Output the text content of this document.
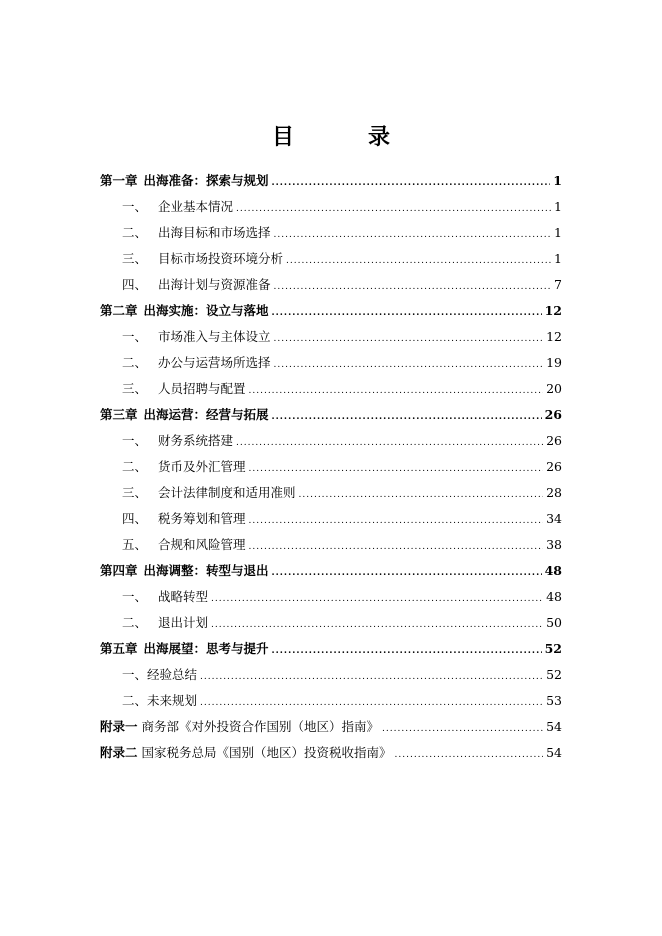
目　录
第一章 出海准备：探索与规划 .....	1
一、 企业基本情况 .....	1
二、 出海目标和市场选择 .....	1
三、 目标市场投资环境分析 .....	1
四、 出海计划与资源准备 .....	7
第二章 出海实施：设立与落地 .....	12
一、 市场准入与主体设立 .....	12
二、 办公与运营场所选择 .....	19
三、 人员招聘与配置 .....	20
第三章 出海运营：经营与拓展 .....	26
一、 财务系统搭建 .....	26
二、 货币及外汇管理 .....	26
三、 会计法律制度和适用准则 .....	28
四、 税务筹划和管理 .....	34
五、 合规和风险管理 .....	38
第四章 出海调整：转型与退出 .....	48
一、 战略转型 .....	48
二、 退出计划 .....	50
第五章 出海展望：思考与提升 .....	52
一、 经验总结 .....	52
二、 未来规划 .....	53
附录一 商务部《对外投资合作国别（地区）指南》 .....	54
附录二 国家税务总局《国别（地区）投资税收指南》 .....	54
